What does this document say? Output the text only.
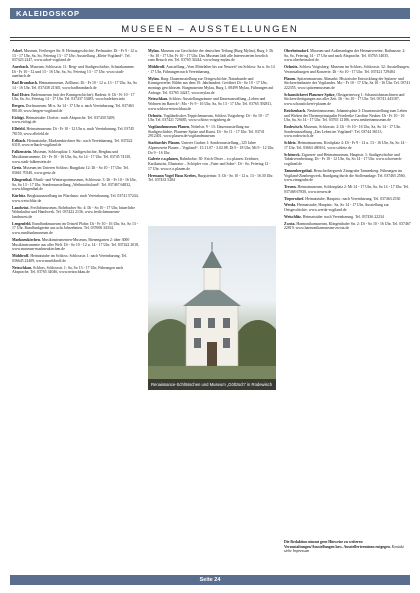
KALEIDOSKOP
MUSEEN – AUSSTELLUNGEN
Adorf. Museum, Freiberger Str. 8: Heimatgeschichte, Perlmutter. Di - Fr 9 - 12 u. 13 - 17 Uhr, Sa, So, Feiertag 13 - 17 Uhr; Ausstellung „Klein-Vogtland“. Tel. 037423 2247, www.adorf-vogtland.de
Auerbach. Museum, Schlossstr. 11: Berg- und Stadtgeschichte, Schatzkammer. Di - Fr 10 - 12 und 13 - 16 Uhr, Sa, So, Feiertag 13 - 17 Uhr. www.stadt-auerbach.de
Bad Brambach. Heimatmuseum, Zollhaus: Di - Fr 10 - 12 u. 13 - 17 Uhr, Sa, So 14 - 16 Uhr. Tel. 037438 21365, www.badbrambach.de
Bad Elster. Bademuseum (mit der Kunstgeschichte): Badestr. 6: Di - Fr 10 - 17 Uhr, Sa, So, Feiertag 14 - 17 Uhr. Tel. 037437 53483, www.badelster.info
Bergen. Dorfmuseum: Mi u. Sa 14 - 17 Uhr u. nach Vereinbarung. Tel. 037463 88140, www.bergen-vogtland.de
Eichigt. Heimatstube: Dorfstr.: nach Absprache. Tel. 037430 5209, www.eichigt.de
Ellefeld. Heimatmuseum: Di - Fr 10 - 12 Uhr u. nach Vereinbarung. Tel. 03745 78150, www.ellefeld.de
Erlbach. Heimatstube, Markneukirchner Str.: nach Vereinbarung. Tel. 037422 6318, www.erlbach-vogtland.de
Falkenstein. Museum, Schlossplatz 1: Stadtgeschichte, Bergbau und Musikinstrumente. Di - Fr 10 - 16 Uhr, Sa, So 14 - 17 Uhr. Tel. 03745 74130, www.stadt-falkenstein.de
Greiz. Museum im Unteren Schloss: Burgplatz 12: Di - So 10 - 17 Uhr. Tel. 03661 70340, www.greiz.de
Klingenthal. Musik- und Wintersportmuseum, Schlossstr. 3: Di - Fr 10 - 16 Uhr, Sa, So 13 - 17 Uhr. Sonderausstellung „Weihnachtsland“. Tel. 037467 64832, www.klingenthal.de
Kürbitz. Bergbauausstellung im Pfarrhaus: nach Vereinbarung. Tel. 03741 57244, www.weischlitz.de
Landwüst. Freilichtmuseum, Rohrbacher Str. 4: Di - So 10 - 17 Uhr, bäuerliche Wohnkultur und Handwerk. Tel. 037422 2136, www.freilichtmuseum-landwuest.de
Lengenfeld. Rundfunkmuseum im Ortsteil Plohn: Di - Fr 10 - 16 Uhr, Sa, So 13 - 17 Uhr. Rundfunkgeräte aus acht Jahrzehnten. Tel. 037606 34334, www.rundfunkmuseum.de
Markneukirchen. Musikinstrumenten-Museum, Bienengarten 2: über 3000 Musikinstrumente aus aller Welt. Di - So 10 - 12 u. 14 - 17 Uhr. Tel. 037422 2018, www.museum-markneukirchen.de
Mühltroff. Heimatstube im Schloss: Schlossstr. 1: nach Vereinbarung. Tel. 036645 22409, www.muehltroff.de
Netzschkau. Schloss, Schlossstr. 1: Sa, So 13 - 17 Uhr, Führungen nach Absprache. Tel. 03765 34046, www.netzschkau.de
Mylau. Museum zur Geschichte der deutschen Teilung (Burg Mylau), Burg 1: Di - So 10 - 17 Uhr; Fr 10 - 17 Uhr. Das Museum lädt alle Interessierten herzlich zum Besuch ein. Tel. 03765 34244, www.burg-mylau.de
Mühltroff. Ausstellung „Vom Mittelalter bis zur Neuzeit“ im Schloss: Sa u. So 14 - 17 Uhr, Führungen nach Vereinbarung.
Mylau. Burg: Dauerausstellung zur Ortsgeschichte, Naturkunde und Kunstgewerbe; Bilder aus dem 19. Jahrhundert. Geöffnet Di - So 10 - 17 Uhr, montags geschlossen. Burgmuseum Mylau, Burg 1, 08499 Mylau, Führungen auf Anfrage. Tel. 03765 34247, www.mylau.de
Netzschkau. Schloss: Ausstellungsräume und Dauerausstellung „Leben und Wohnen im Barock“; Mo - Fr 9 - 16 Uhr, Sa, So 13 - 17 Uhr. Tel. 03765 392811, www.schloss-netzschkau.de
Oelsnitz. Vogtländisches Teppichmuseum, Schloss Voigtsberg: Di - So 10 - 17 Uhr. Tel. 037421 729485, www.schloss-voigtsberg.de
Vogtlandmuseum Plauen. Nobelstr. 9 - 13: Dauerausstellung zur Stadtgeschichte, Plauener Spitze und Kunst. Di - So 11 - 17 Uhr. Tel. 03741 2912401, www.plauen.de/vogtlandmuseum
Stadtarchiv Plauen. Unterer Graben 1: Sonderausstellung „125 Jahre Alpenverein Plauen – Vogtland“. 15.11.07 - 3.02.08. Di 9 - 18 Uhr, Mi 9 - 12 Uhr, Do 9 - 16 Uhr.
Galerie e.o.plauen, Bahnhofstr. 30: Erich Ohser – e.o.plauen: Zeichner, Karikaturist, Illustrator – Schöpfer von „Vater und Sohn“. Di - So, Feiertag 12 - 17 Uhr. www.e.o.plauen.de
Hermann Vogel Haus Krebes, Burgsteinstr. 5: Di - So 10 - 12 u. 13 - 16.30 Uhr. Tel. 037433 5284
Oberheinsdorf. Museum und Außenanlagen der Heimatvereine, Rathausstr. 2: Sa, So, Feiertag 14 - 17 Uhr und nach Absprache. Tel. 03765 14035, www.oberheinsdorf.de
Oelsnitz. Schloss Voigtsberg: Museum im Schloss, Schlossstr. 32: Ausstellungen, Veranstaltungen und Konzerte. Di - So 10 - 17 Uhr. Tel. 037421 729484
Plauen. Spitzenmuseum, Altmarkt: Historische Entwicklung der Spitzen- und Stickereiindustrie des Vogtlandes. Mo - Fr 10 - 17 Uhr, Sa 10 - 16 Uhr. Tel. 03741 222355, www.spitzenmuseum.de
Schaustickerei Plauener Spitze, Obstgartenweg 1: Schaustickmaschinen und Stickereifertigungen aus aller Zeit. Di - So 10 - 17 Uhr. Tel. 03741 443187, www.schaustickerei-plauen.de
Reichenbach. Neuberinmuseum, Johannisplatz 3: Dauerausstellung zum Leben und Wirken der Theaterprinzipalin Friederike Caroline Neuber. Di - Fr 10 - 16 Uhr, Sa, So 14 - 17 Uhr. Tel. 03765 12186, www.neuberinmuseum.de
Rodewisch. Museum, Schlossstr. 2: Di - Fr 10 - 16 Uhr, Sa, So 14 - 17 Uhr. Sonderausstellung „Das Leben im Vogtland“. Tel. 03744 36113, www.rodewisch.de
Schleiz. Heimatmuseum, Kirchplatz 4: Di - Fr 9 - 12 u. 13 - 16 Uhr, Sa, So 14 - 17 Uhr. Tel. 03663 480161, www.schleiz.de
Schöneck. Zigarren- und Heimatmuseum, Hauptstr. 1: Stadtgeschichte und Tabakverarbeitung. Di - Fr 10 - 12 Uhr, Sa, So 14 - 17 Uhr. www.schoeneck-vogtland.de
Tannenbergsthal. Besucherbergwerk Zinngrube Tannenberg: Führungen im Vogtland-Zinnbergwerk, Rundgang durch die Stollenanlage. Tel. 037465 2560, www.zinngrube.de
Treuen. Heimatmuseum, Schlossplatz 2: Mi 14 - 17 Uhr, Sa, So 14 - 17 Uhr. Tel. 037468 67830, www.treuen.de
Tirpersdorf. Heimatstube, Hauptstr.: nach Vereinbarung. Tel. 037463 2530
Werda. Heimatstube, Hauptstr.: Sa, So 14 - 17 Uhr, Ausstellung zur Ortsgeschichte. www.werda-vogtland.de
Weischlitz. Heimatstube: nach Vereinbarung. Tel. 037436 22234
Zwota. Harmonikamuseum, Klingenthaler Str. 2: Di - So 10 - 16 Uhr. Tel. 037467 22819, www.harmonikamuseum-zwota.de
Renaissance-Schlösschen und Museum „Göltzsch“ in Rodewisch
Die Redaktion nimmt gern Hinweise zu weiteren Veranstaltungen/Ausstellungen bzw. Ausstellerterminen entgegen. Kontakt siehe Impressum
Seite 24
